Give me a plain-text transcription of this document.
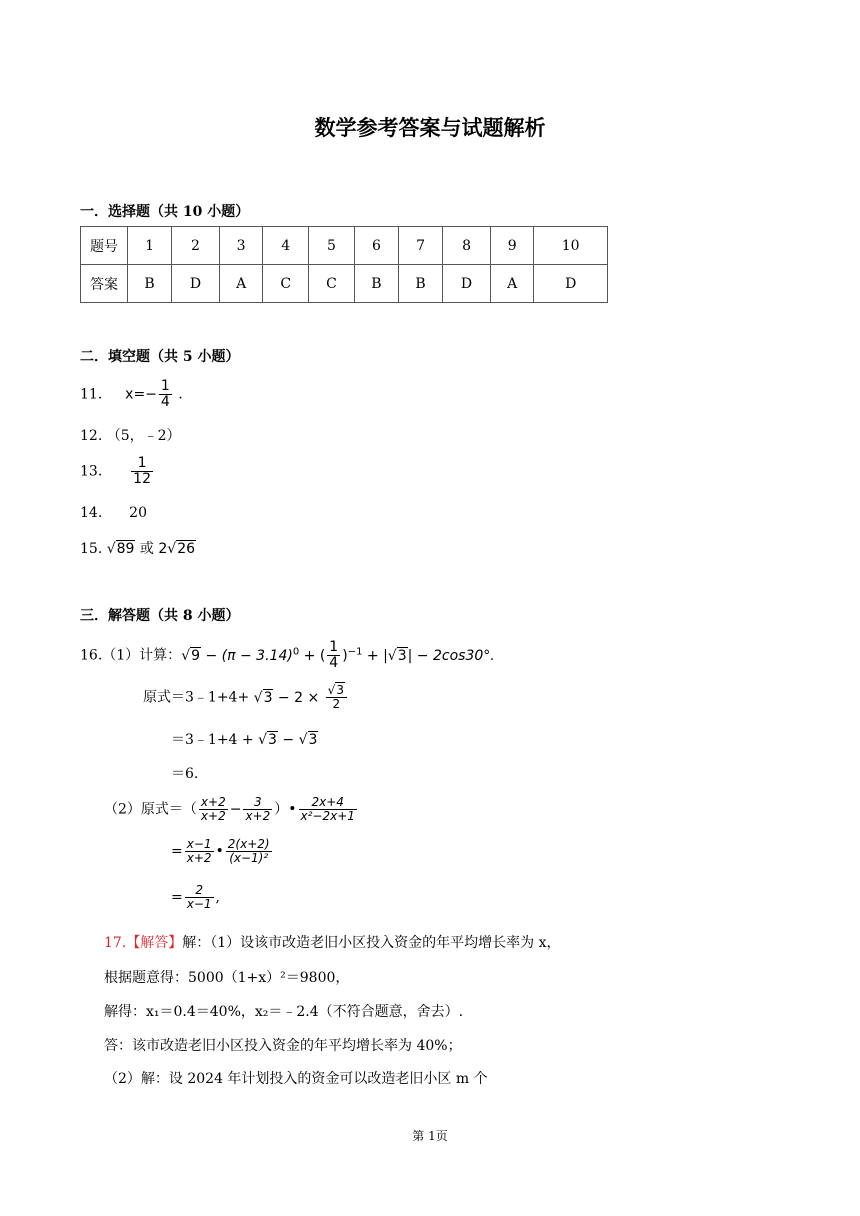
数学参考答案与试题解析
一．选择题（共 10 小题）
题号	1	2	3	4	5	6	7	8	9	10
答案	B	D	A	C	C	B	B	D	A	D
二．填空题（共 5 小题）
11. $x=- \frac{1}{4}$ .
12. （5，﹣2）
13. $\frac{1}{12}$
14. 20
15. √89 或 2√26
三．解答题（共 8 小题）
16.（1）计算：$√9 - (\pi - 3.14)^0$ + ( $\frac{1}{4} )^{-1} + |√3| - 2\cos 30^\circ$.
原式＝3﹣1+4+ $√3 - 2 \times \frac{√3}{2}$
＝3﹣1+4 + √3 − √3
＝6.
（2）原式＝（ $\frac{x+2}{x+2} - \frac{3}{x+2}$ ）• $\frac{2x+4}{\text{x²−2x+1}}$
= $\frac{x-1}{x+2}$ • $\frac{2(x+2)}{\text{(x−1)²}}$
= $\frac{2}{x-1}$ ,
17.【解答】解：（1）设该市改造老旧小区投入资金的年平均增长率为 x，
根据题意得：5000（1+x）²＝9800，
解得：x₁＝0.4＝40%，x₂＝﹣2.4（不符合题意，舍去）.
答：该市改造老旧小区投入资金的年平均增长率为 40%；
（2）解：设 2024 年计划投入的资金可以改造老旧小区 m 个
第 1页
